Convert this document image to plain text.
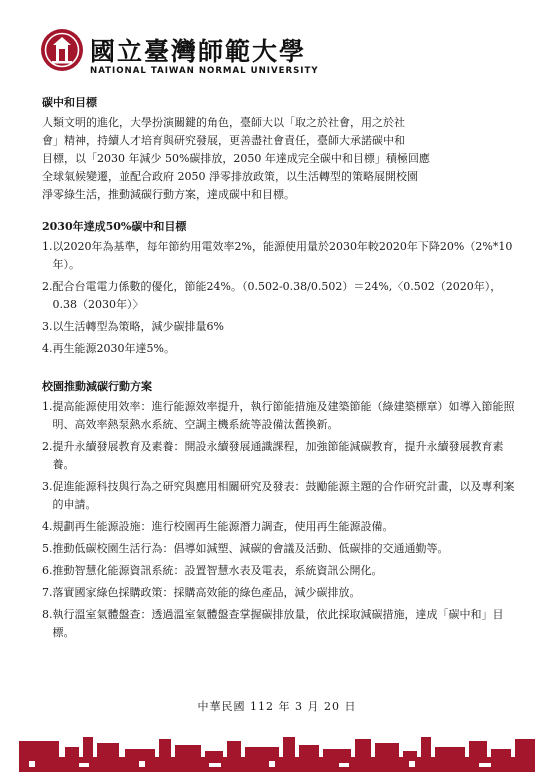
國立臺灣師範大學
NATIONAL TAIWAN NORMAL UNIVERSITY
碳中和目標

人類文明的進化，大學扮演關鍵的角色，臺師大以「取之於社會，用之於社

會」精神，持續人才培育與研究發展，更善盡社會責任，臺師大承諾碳中和

目標，以「2030 年減少 50%碳排放，2050 年達成完全碳中和目標」積極回應

全球氣候變遷，並配合政府 2050 淨零排放政策，以生活轉型的策略展開校園

淨零綠生活，推動減碳行動方案，達成碳中和目標。

2030年達成50%碳中和目標
1. 以2020年為基準，每年節約用電效率2%，能源使用量於2030年較2020年下降20%（2%*10年）。
2. 配合台電電力係數的優化，節能24%。（0.502-0.38/0.502）＝24%,〈0.502（2020年），0.38（2030年）〉
3. 以生活轉型為策略，減少碳排量6%
4. 再生能源2030年達5%。
校園推動減碳行動方案
1. 提高能源使用效率：進行能源效率提升，執行節能措施及建築節能（綠建築標章）如導入節能照明、高效率熱泵熱水系統、空調主機系統等設備汰舊換新。
2. 提升永續發展教育及素養：開設永續發展通識課程，加強節能減碳教育，提升永續發展教育素養。
3. 促進能源科技與行為之研究與應用相關研究及發表：鼓勵能源主題的合作研究計畫，以及專利案的申請。
4. 規劃再生能源設施：進行校園再生能源潛力調查，使用再生能源設備。
5. 推動低碳校園生活行為：倡導如減塑、減碳的會議及活動、低碳排的交通通勤等。
6. 推動智慧化能源資訊系統：設置智慧水表及電表，系統資訊公開化。
7. 落實國家綠色採購政策：採購高效能的綠色產品，減少碳排放。
8. 執行溫室氣體盤查：透過溫室氣體盤查掌握碳排放量，依此採取減碳措施，達成「碳中和」目標。
中華民國 112 年 3 月 20 日
